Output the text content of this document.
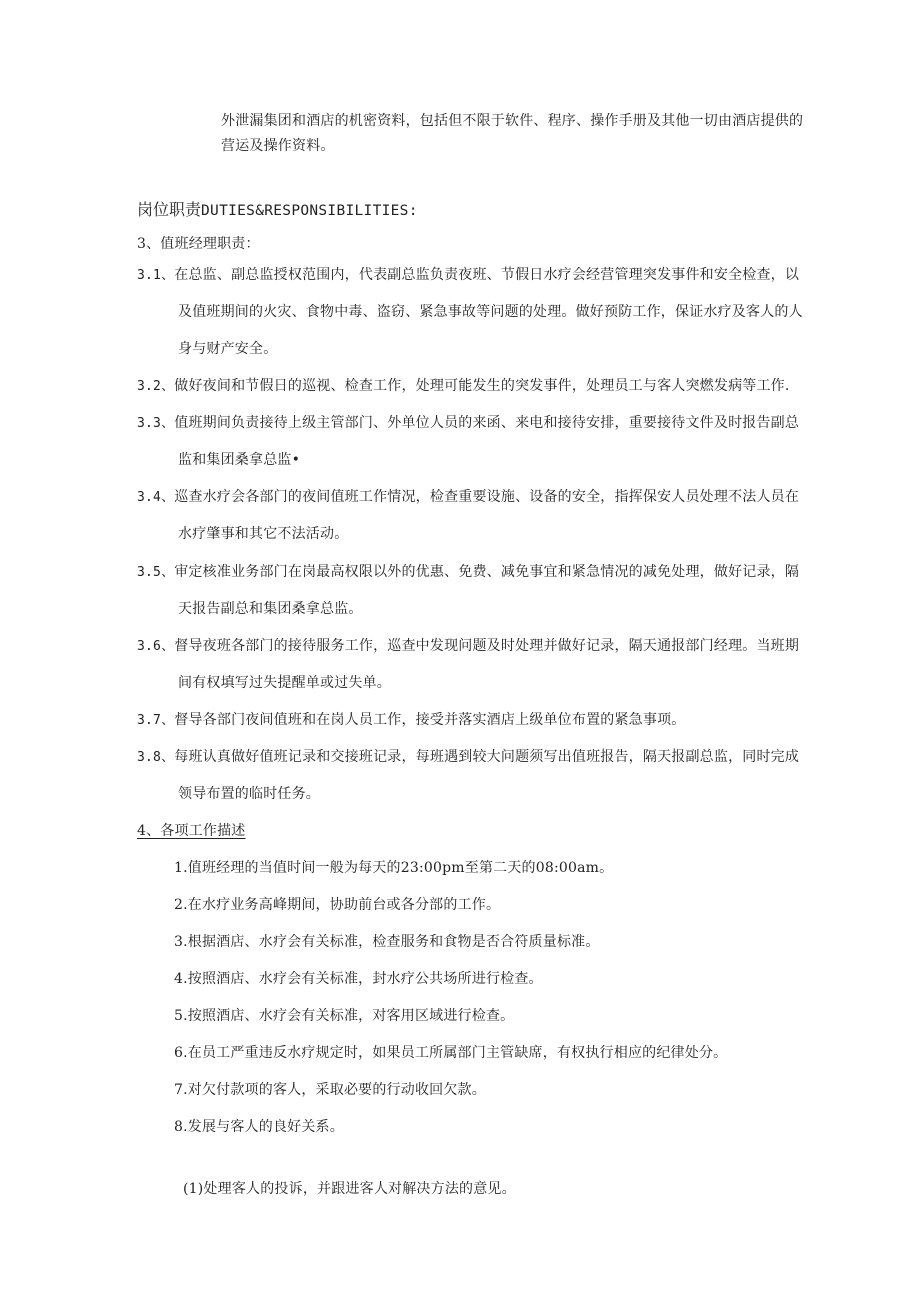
外泄漏集团和酒店的机密资料，包括但不限于软件、程序、操作手册及其他一切由酒店提供的
营运及操作资料。
岗位职责DUTIES&RESPONSIBILITIES:
3、值班经理职责：
3.1、在总监、副总监授权范围内，代表副总监负责夜班、节假日水疗会经营管理突发事件和安全检查，以
及值班期间的火灾、食物中毒、盗窃、紧急事故等问题的处理。做好预防工作，保证水疗及客人的人
身与财产安全。
3.2、做好夜间和节假日的巡视、检查工作，处理可能发生的突发事件，处理员工与客人突燃发病等工作.
3.3、值班期间负责接待上级主管部门、外单位人员的来函、来电和接待安排，重要接待文件及时报告副总
监和集团桑拿总监•
3.4、巡查水疗会各部门的夜间值班工作情况，检查重要设施、设备的安全，指挥保安人员处理不法人员在
水疗肇事和其它不法活动。
3.5、审定核准业务部门在岗最高权限以外的优惠、免费、减免事宜和紧急情况的减免处理，做好记录，隔
天报告副总和集团桑拿总监。
3.6、督导夜班各部门的接待服务工作，巡查中发现问题及时处理并做好记录，隔天通报部门经理。当班期
间有权填写过失提醒单或过失单。
3.7、督导各部门夜间值班和在岗人员工作，接受并落实酒店上级单位布置的紧急事项。
3.8、每班认真做好值班记录和交接班记录，每班遇到较大问题须写出值班报告，隔天报副总监，同时完成
领导布置的临时任务。
4、各项工作描述
1.值班经理的当值时间一般为每天的23:00pm至第二天的08:00am。
2.在水疗业务高峰期间，协助前台或各分部的工作。
3.根据酒店、水疗会有关标准，检查服务和食物是否合符质量标准。
4.按照酒店、水疗会有关标准，封水疗公共场所进行检查。
5.按照酒店、水疗会有关标准，对客用区域进行检查。
6.在员工严重违反水疗规定时，如果员工所属部门主管缺席，有权执行相应的纪律处分。
7.对欠付款项的客人，采取必要的行动收回欠款。
8.发展与客人的良好关系。
(1)处理客人的投诉，并跟进客人对解决方法的意见。
